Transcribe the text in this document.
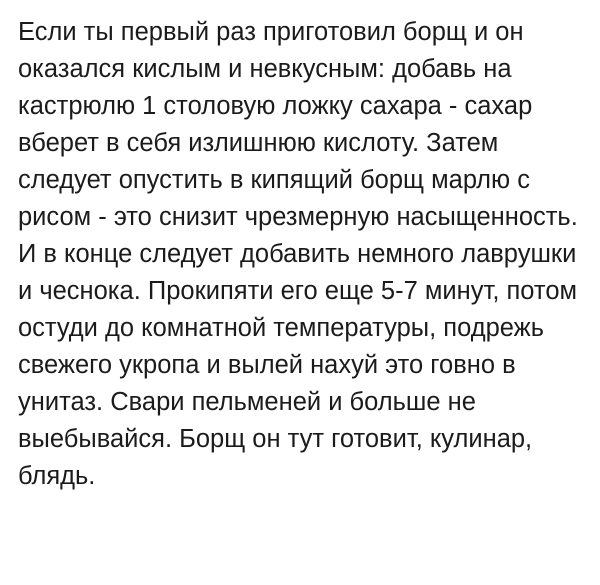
Если ты первый раз приготовил борщ и он оказался кислым и невкусным: добавь на кастрюлю 1 столовую ложку сахара - сахар вберет в себя излишнюю кислоту. Затем следует опустить в кипящий борщ марлю с рисом - это снизит чрезмерную насыщенность. И в конце следует добавить немного лаврушки и чеснока. Прокипяти его еще 5-7 минут, потом остуди до комнатной температуры, подрежь свежего укропа и вылей нахуй это говно в унитаз. Свари пельменей и больше не выебывайся. Борщ он тут готовит, кулинар, блядь.
